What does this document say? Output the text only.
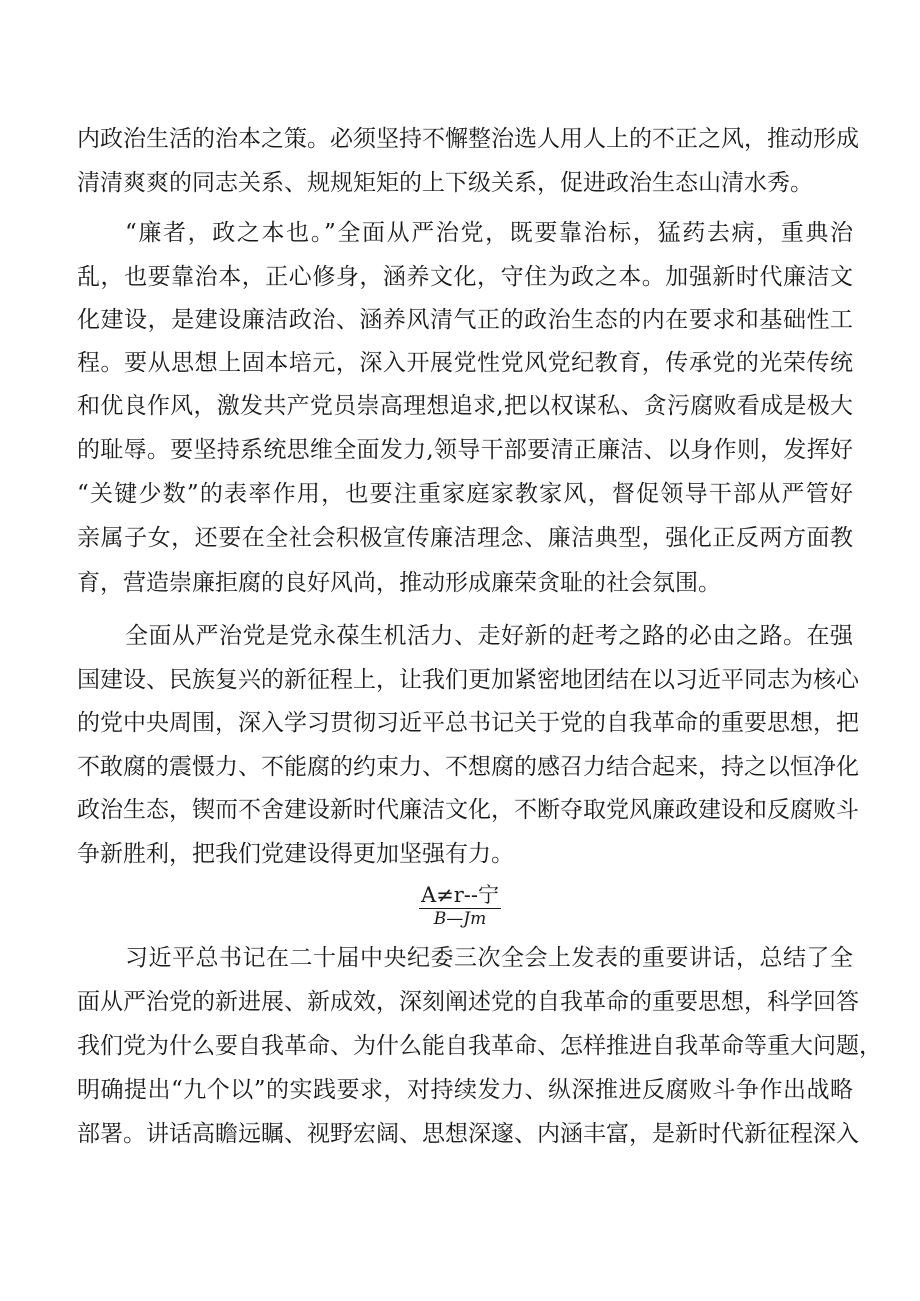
内政治生活的治本之策。必须坚持不懈整治选人用人上的不正之风，推动形成
清清爽爽的同志关系、规规矩矩的上下级关系，促进政治生态山清水秀。
“廉者，政之本也。”全面从严治党，既要靠治标，猛药去病，重典治
乱，也要靠治本，正心修身，涵养文化，守住为政之本。加强新时代廉洁文
化建设，是建设廉洁政治、涵养风清气正的政治生态的内在要求和基础性工
程。要从思想上固本培元，深入开展党性党风党纪教育，传承党的光荣传统
和优良作风，激发共产党员崇高理想追求,把以权谋私、贪污腐败看成是极大
的耻辱。要坚持系统思维全面发力,领导干部要清正廉洁、以身作则，发挥好
“关键少数”的表率作用，也要注重家庭家教家风，督促领导干部从严管好
亲属子女，还要在全社会积极宣传廉洁理念、廉洁典型，强化正反两方面教
育，营造崇廉拒腐的良好风尚，推动形成廉荣贪耻的社会氛围。
全面从严治党是党永葆生机活力、走好新的赶考之路的必由之路。在强
国建设、民族复兴的新征程上，让我们更加紧密地团结在以习近平同志为核心
的党中央周围，深入学习贯彻习近平总书记关于党的自我革命的重要思想，把
不敢腐的震慑力、不能腐的约束力、不想腐的感召力结合起来，持之以恒净化
政治生态，锲而不舍建设新时代廉洁文化，不断夺取党风廉政建设和反腐败斗
争新胜利，把我们党建设得更加坚强有力。
A≠r--宁
B—Jm
习近平总书记在二十届中央纪委三次全会上发表的重要讲话，总结了全
面从严治党的新进展、新成效，深刻阐述党的自我革命的重要思想，科学回答
我们党为什么要自我革命、为什么能自我革命、怎样推进自我革命等重大问题，
明确提出“九个以”的实践要求，对持续发力、纵深推进反腐败斗争作出战略
部署。讲话高瞻远瞩、视野宏阔、思想深邃、内涵丰富，是新时代新征程深入
